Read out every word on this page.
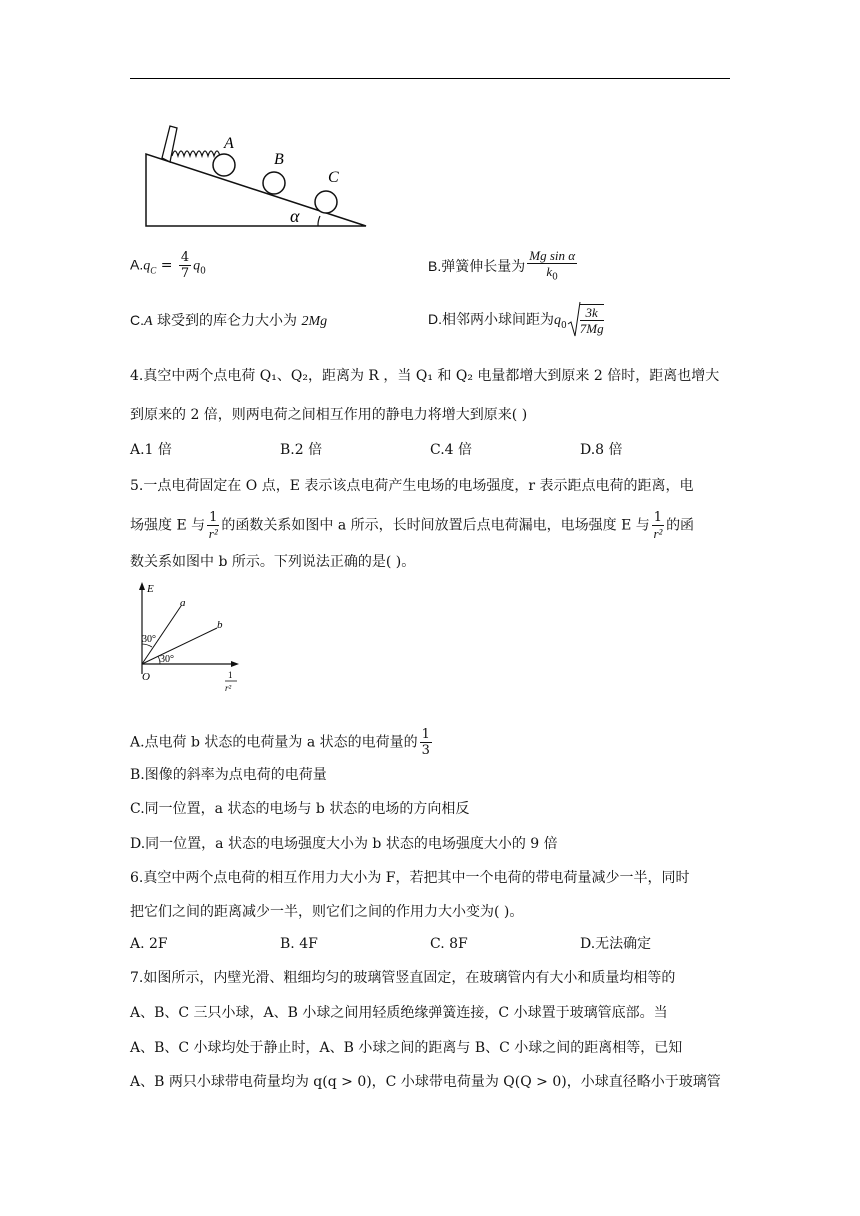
A
B
C
α
$A.q_C = \frac{4}{7} q_0$	B.弹簧伸长量为 $\frac{\text{Mg sin α}}{k_0}$
C.A 球受到的库仑力大小为 2Mg	D.相邻两小球间距为$q_0 \frac{3k}{7Mg}$
4.真空中两个点电荷 Q₁、Q₂，距离为 R ，当 Q₁ 和 Q₂ 电量都增大到原来 2 倍时，距离也增大
到原来的 2 倍，则两电荷之间相互作用的静电力将增大到原来( )
A.1 倍	B.2 倍	C.4 倍	D.8 倍
5.一点电荷固定在 O 点，E 表示该点电荷产生电场的电场强度，r 表示距点电荷的距离，电
场强度 E 与 $\frac{1}{\text{r²}}$ 的函数关系如图中 a 所示，长时间放置后点电荷漏电，电场强度 E 与 $\frac{1}{\text{r²}}$ 的函
数关系如图中 b 所示。下列说法正确的是( )。
E
a
b
30°
30°
O	1
r²
A.点电荷 b 状态的电荷量为 a 状态的电荷量的 $\frac{1}{3}$
B.图像的斜率为点电荷的电荷量
C.同一位置，a 状态的电场与 b 状态的电场的方向相反
D.同一位置，a 状态的电场强度大小为 b 状态的电场强度大小的 9 倍
6.真空中两个点电荷的相互作用力大小为 F，若把其中一个电荷的带电荷量减少一半，同时
把它们之间的距离减少一半，则它们之间的作用力大小变为( )。
A. 2F	B. 4F	C. 8F	D.无法确定
7.如图所示，内壁光滑、粗细均匀的玻璃管竖直固定，在玻璃管内有大小和质量均相等的
A、B、C 三只小球，A、B 小球之间用轻质绝缘弹簧连接，C 小球置于玻璃管底部。当
A、B、C 小球均处于静止时，A、B 小球之间的距离与 B、C 小球之间的距离相等，已知
A、B 两只小球带电荷量均为 q(q > 0)，C 小球带电荷量为 Q(Q > 0)，小球直径略小于玻璃管
